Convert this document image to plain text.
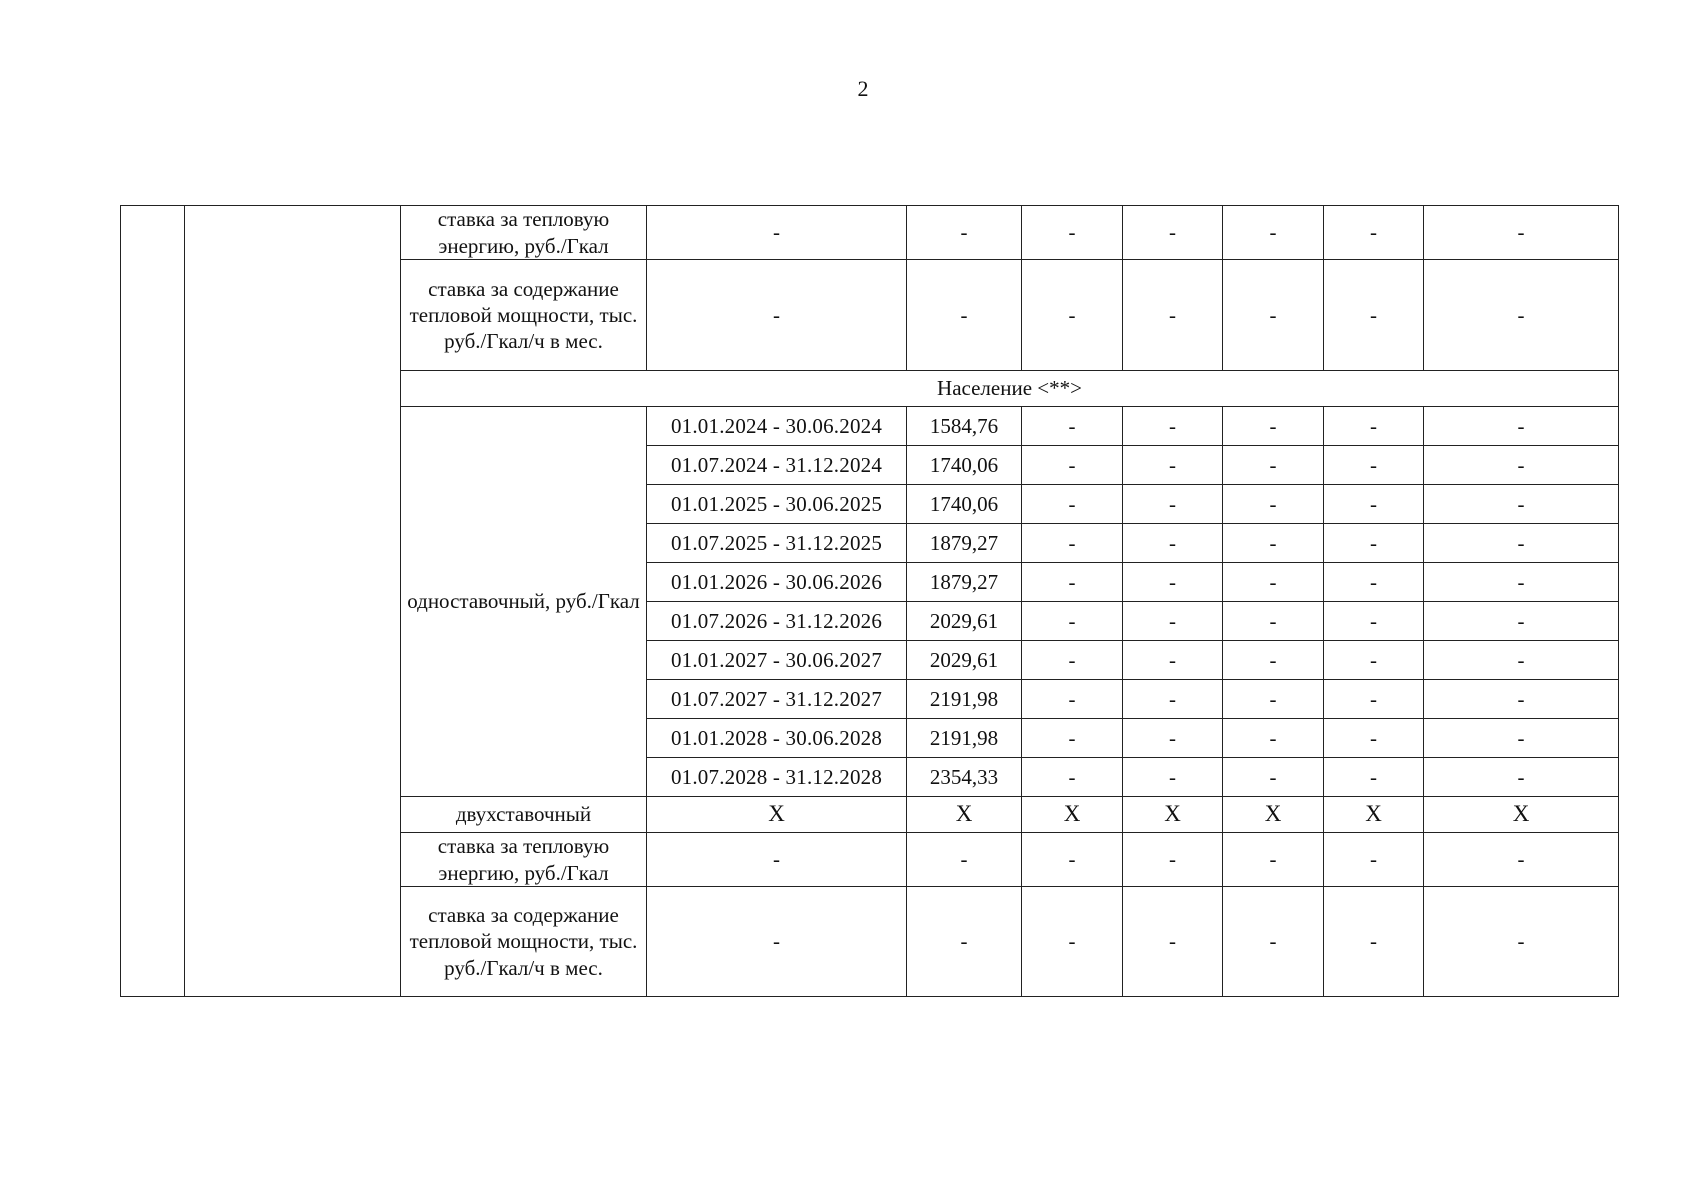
2
		ставка за тепловую энергию, руб./Гкал	-	-	-	-	-	-	-
		ставка за содержание тепловой мощности, тыс. руб./Гкал/ч в мес.	-	-	-	-	-	-	-
		Население <**>							
		одноставочный, руб./Гкал	01.01.2024 - 30.06.2024	1584,76	-	-	-	-	-
			01.07.2024 - 31.12.2024	1740,06	-	-	-	-	-
			01.01.2025 - 30.06.2025	1740,06	-	-	-	-	-
			01.07.2025 - 31.12.2025	1879,27	-	-	-	-	-
			01.01.2026 - 30.06.2026	1879,27	-	-	-	-	-
			01.07.2026 - 31.12.2026	2029,61	-	-	-	-	-
			01.01.2027 - 30.06.2027	2029,61	-	-	-	-	-
			01.07.2027 - 31.12.2027	2191,98	-	-	-	-	-
			01.01.2028 - 30.06.2028	2191,98	-	-	-	-	-
			01.07.2028 - 31.12.2028	2354,33	-	-	-	-	-
		двухставочный	X	X	X	X	X	X	X
		ставка за тепловую энергию, руб./Гкал	-	-	-	-	-	-	-
		ставка за содержание тепловой мощности, тыс. руб./Гкал/ч в мес.	-	-	-	-	-	-	-
